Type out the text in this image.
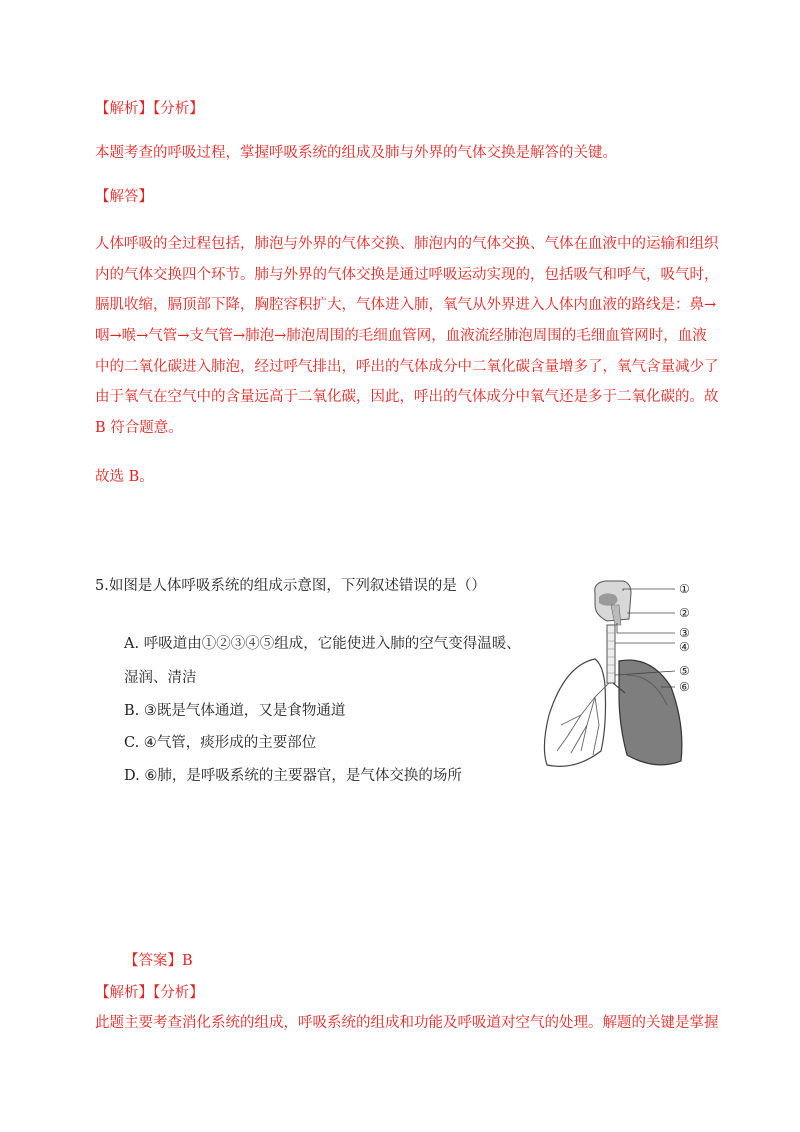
【解析】【分析】
本题考查的呼吸过程，掌握呼吸系统的组成及肺与外界的气体交换是解答的关键。
【解答】
人体呼吸的全过程包括，肺泡与外界的气体交换、肺泡内的气体交换、气体在血液中的运输和组织
内的气体交换四个环节。肺与外界的气体交换是通过呼吸运动实现的，包括吸气和呼气，吸气时，
膈肌收缩，膈顶部下降，胸腔容积扩大，气体进入肺，氧气从外界进入人体内血液的路线是：鼻→
咽→喉→气管→支气管→肺泡→肺泡周围的毛细血管网，血液流经肺泡周围的毛细血管网时，血液
中的二氧化碳进入肺泡，经过呼气排出，呼出的气体成分中二氧化碳含量增多了，氧气含量减少了
由于氧气在空气中的含量远高于二氧化碳，因此，呼出的气体成分中氧气还是多于二氧化碳的。故
B 符合题意。
故选 B。
5.如图是人体呼吸系统的组成示意图，下列叙述错误的是（）
A. 呼吸道由①②③④⑤组成，它能使进入肺的空气变得温暖、
湿润、清洁
B. ③既是气体通道，又是食物通道
C. ④气管，痰形成的主要部位
D. ⑥肺，是呼吸系统的主要器官，是气体交换的场所
①
②
③
④
⑤
⑥
【答案】B
【解析】【分析】
此题主要考查消化系统的组成，呼吸系统的组成和功能及呼吸道对空气的处理。解题的关键是掌握
